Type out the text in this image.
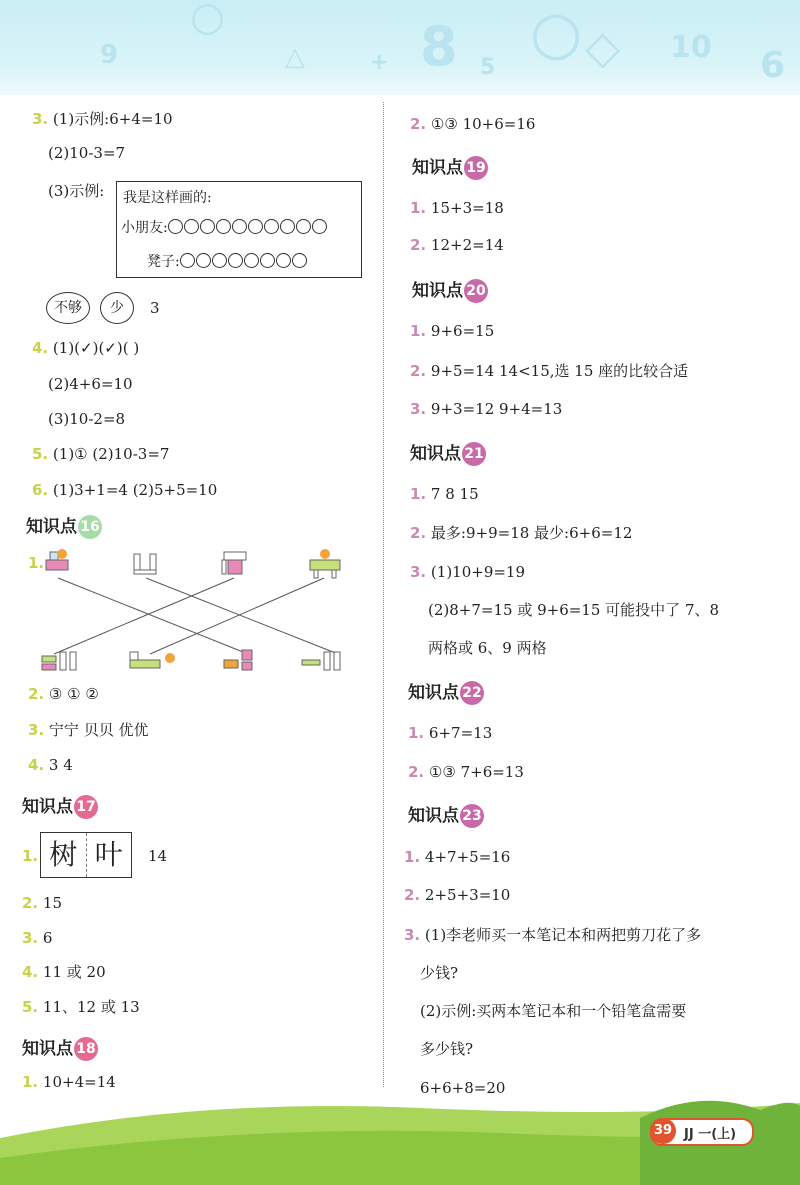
○	8	◇ 10 6
9	△	5
+ ○
3. (1)示例:6+4=10
(2)10-3=7
(3)示例: 我是这样画的:
小朋友:
凳子:
不够	少	3
4. (1)(✓)(✓)( )
(2)4+6=10
(3)10-2=8
5. (1)① (2)10-3=7
6. (1)3+1=4 (2)5+5=10
知识点 16
1.
2. ③ ① ②
3. 宁宁 贝贝 优优
4. 3 4
知识点 17
1. 树 叶	14
2. 15
3. 6
4. 11 或 20
5. 11、12 或 13
知识点 18
1. 10+4=14
2. ①③ 10+6=16
知识点 19
1. 15+3=18
2. 12+2=14
知识点 20
1. 9+6=15
2. 9+5=14 14<15,选 15 座的比较合适
3. 9+3=12 9+4=13
知识点 21
1. 7 8 15
2. 最多:9+9=18 最少:6+6=12
3. (1)10+9=19
(2)8+7=15 或 9+6=15 可能投中了 7、8
两格或 6、9 两格
知识点 22
1. 6+7=13
2. ①③ 7+6=13
知识点 23
1. 4+7+5=16
2. 2+5+3=10
3. (1)李老师买一本笔记本和两把剪刀花了多
少钱?
(2)示例:买两本笔记本和一个铅笔盒需要
多少钱?
6+6+8=20
39 JJ 一(上)
